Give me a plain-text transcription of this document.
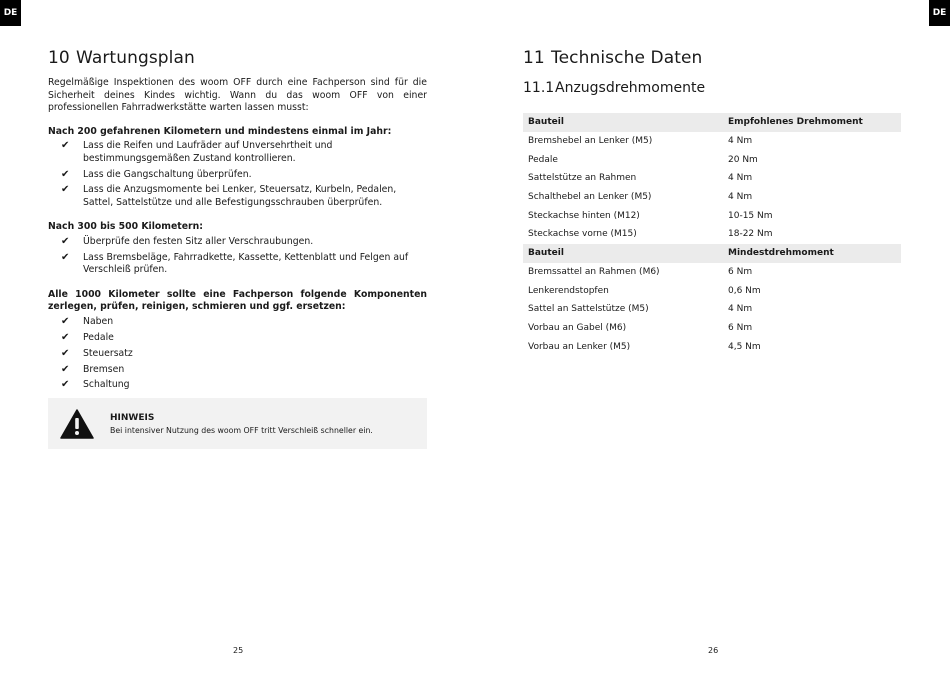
DE	DE
10 Wartungsplan

Regelmäßige Inspektionen des woom OFF durch eine Fachperson sind für die Sicherheit deines Kindes wichtig. Wann du das woom OFF von einer professionellen Fahrradwerkstätte warten lassen musst:

Nach 200 gefahrenen Kilometern und mindestens einmal im Jahr:
✔ Lass die Reifen und Laufräder auf Unversehrtheit und bestimmungsgemäßen Zustand kontrollieren.
✔ Lass die Gangschaltung überprüfen.
✔ Lass die Anzugsmomente bei Lenker, Steuersatz, Kurbeln, Pedalen, Sattel, Sattelstütze und alle Befestigungsschrauben überprüfen.
Nach 300 bis 500 Kilometern:
✔ Überprüfe den festen Sitz aller Verschraubungen.
✔ Lass Bremsbeläge, Fahrradkette, Kassette, Kettenblatt und Felgen auf Verschleiß prüfen.
Alle 1000 Kilometer sollte eine Fachperson folgende Komponenten zerlegen, prüfen, reinigen, schmieren und ggf. ersetzen:
✔ Naben
✔ Pedale
✔ Steuersatz
✔ Bremsen
✔ Schaltung
HINWEIS
Bei intensiver Nutzung des woom OFF tritt Verschleiß schneller ein.
11 Technische Daten
11.1Anzugsdrehmomente
Bauteil	Empfohlenes Drehmoment
Bremshebel an Lenker (M5)	4 Nm
Pedale	20 Nm
Sattelstütze an Rahmen	4 Nm
Schalthebel an Lenker (M5)	4 Nm
Steckachse hinten (M12)	10-15 Nm
Steckachse vorne (M15)	18-22 Nm
Bauteil	Mindestdrehmoment
Bremssattel an Rahmen (M6)	6 Nm
Lenkerendstopfen	0,6 Nm
Sattel an Sattelstütze (M5)	4 Nm
Vorbau an Gabel (M6)	6 Nm
Vorbau an Lenker (M5)	4,5 Nm
25	26
